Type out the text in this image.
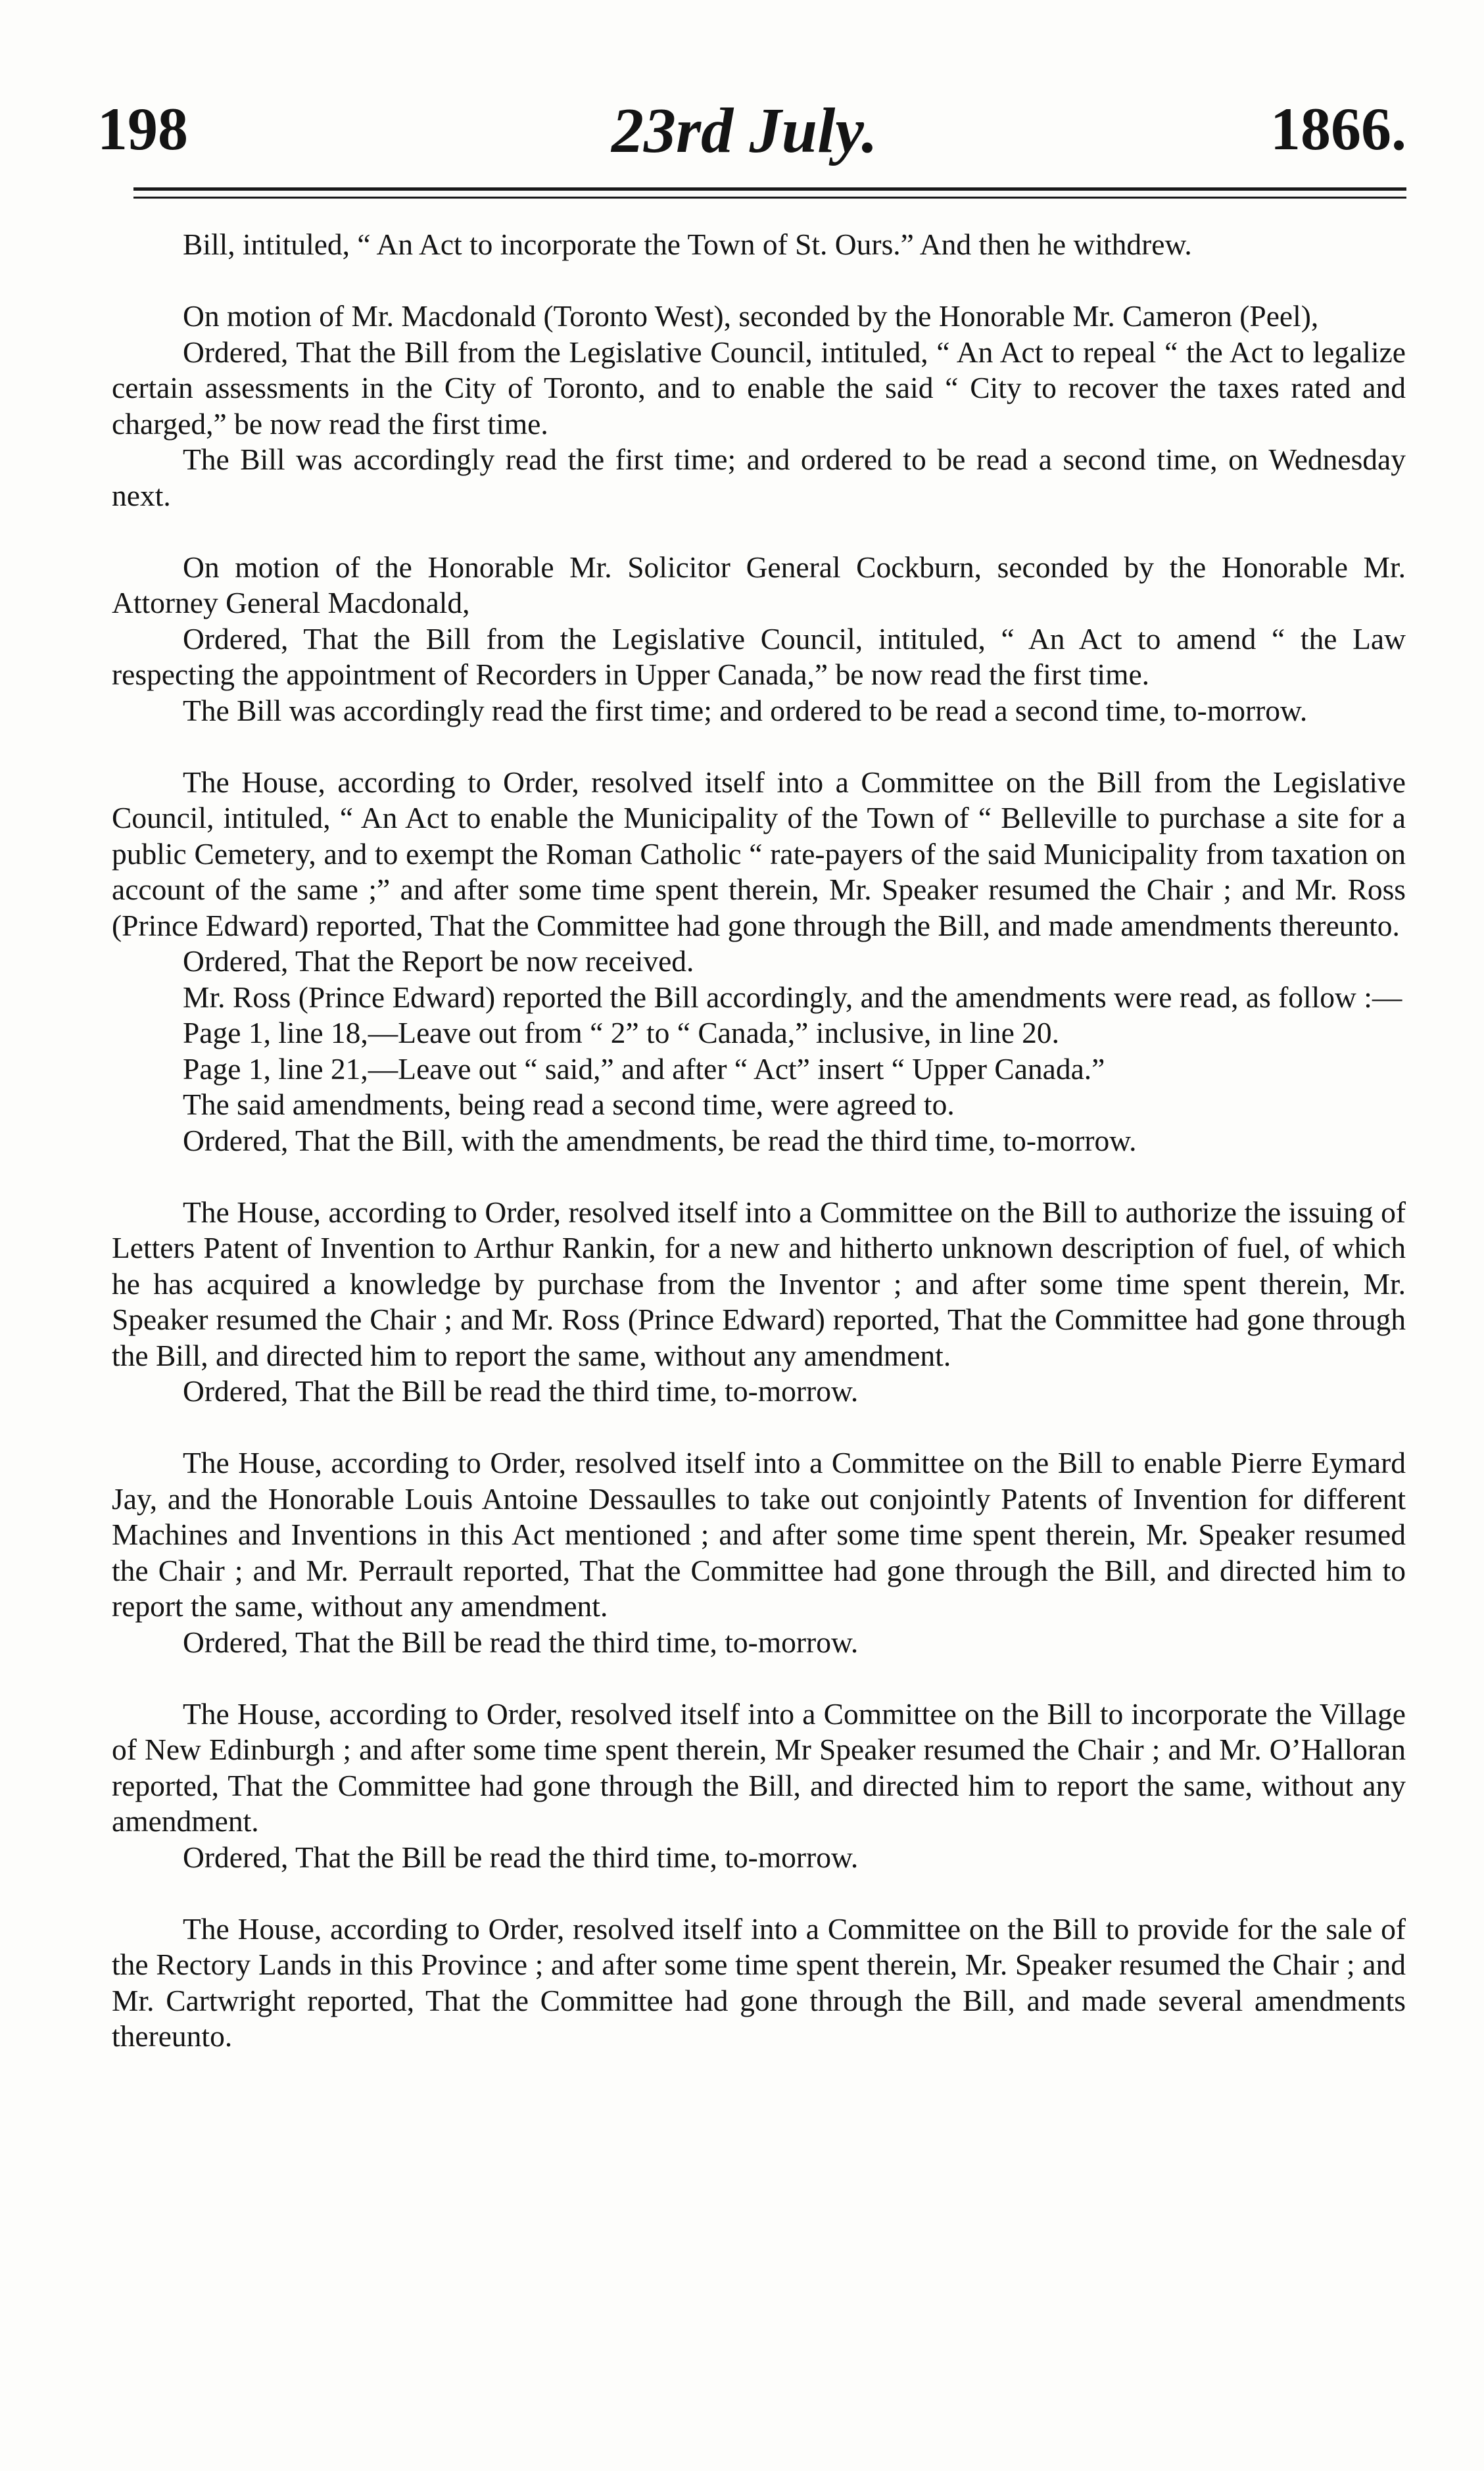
198	23rd July.	1866.

Bill, intituled, “ An Act to incorporate the Town of St. Ours.” And then he withdrew.

On motion of Mr. Macdonald (Toronto West), seconded by the Honorable Mr. Cameron (Peel),

Ordered, That the Bill from the Legislative Council, intituled, “ An Act to repeal “ the Act to legalize certain assessments in the City of Toronto, and to enable the said “ City to recover the taxes rated and charged,” be now read the first time.

The Bill was accordingly read the first time; and ordered to be read a second time, on Wednesday next.

On motion of the Honorable Mr. Solicitor General Cockburn, seconded by the Honorable Mr. Attorney General Macdonald,

Ordered, That the Bill from the Legislative Council, intituled, “ An Act to amend “ the Law respecting the appointment of Recorders in Upper Canada,” be now read the first time.

The Bill was accordingly read the first time; and ordered to be read a second time, to-morrow.

The House, according to Order, resolved itself into a Committee on the Bill from the Legislative Council, intituled, “ An Act to enable the Municipality of the Town of “ Belleville to purchase a site for a public Cemetery, and to exempt the Roman Catholic “ rate-payers of the said Municipality from taxation on account of the same ;” and after some time spent therein, Mr. Speaker resumed the Chair ; and Mr. Ross (Prince Edward) reported, That the Committee had gone through the Bill, and made amendments thereunto.

Ordered, That the Report be now received.

Mr. Ross (Prince Edward) reported the Bill accordingly, and the amendments were read, as follow :—

Page 1, line 18,—Leave out from “ 2” to “ Canada,” inclusive, in line 20.

Page 1, line 21,—Leave out “ said,” and after “ Act” insert “ Upper Canada.”

The said amendments, being read a second time, were agreed to.

Ordered, That the Bill, with the amendments, be read the third time, to-morrow.

The House, according to Order, resolved itself into a Committee on the Bill to authorize the issuing of Letters Patent of Invention to Arthur Rankin, for a new and hitherto unknown description of fuel, of which he has acquired a knowledge by purchase from the Inventor ; and after some time spent therein, Mr. Speaker resumed the Chair ; and Mr. Ross (Prince Edward) reported, That the Committee had gone through the Bill, and directed him to report the same, without any amendment.

Ordered, That the Bill be read the third time, to-morrow.

The House, according to Order, resolved itself into a Committee on the Bill to enable Pierre Eymard Jay, and the Honorable Louis Antoine Dessaulles to take out conjointly Patents of Invention for different Machines and Inventions in this Act mentioned ; and after some time spent therein, Mr. Speaker resumed the Chair ; and Mr. Perrault reported, That the Committee had gone through the Bill, and directed him to report the same, without any amendment.

Ordered, That the Bill be read the third time, to-morrow.

The House, according to Order, resolved itself into a Committee on the Bill to incorporate the Village of New Edinburgh ; and after some time spent therein, Mr Speaker resumed the Chair ; and Mr. O’Halloran reported, That the Committee had gone through the Bill, and directed him to report the same, without any amendment.

Ordered, That the Bill be read the third time, to-morrow.

The House, according to Order, resolved itself into a Committee on the Bill to provide for the sale of the Rectory Lands in this Province ; and after some time spent therein, Mr. Speaker resumed the Chair ; and Mr. Cartwright reported, That the Committee had gone through the Bill, and made several amendments thereunto.
